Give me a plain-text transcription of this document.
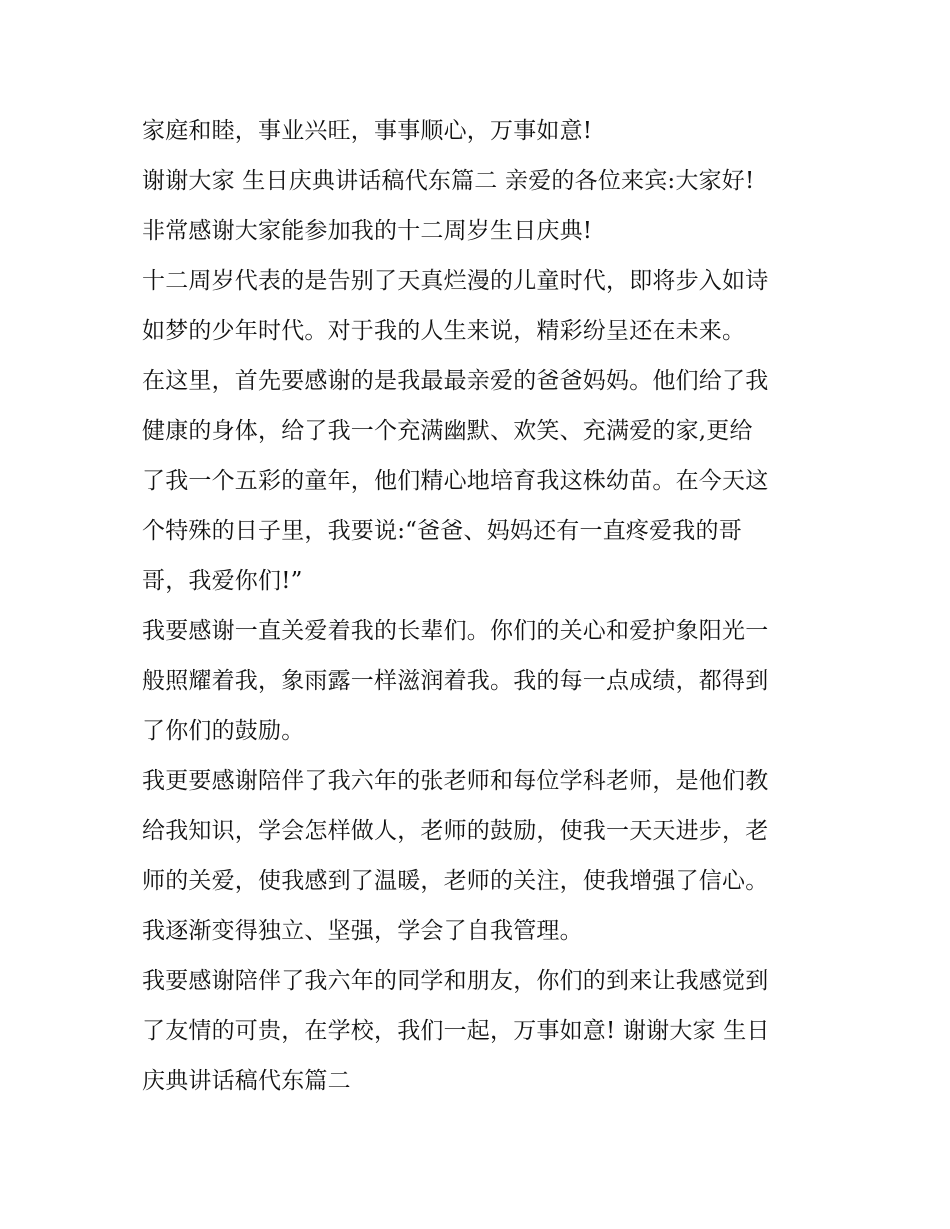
家庭和睦，事业兴旺，事事顺心，万事如意!
谢谢大家 生日庆典讲话稿代东篇二 亲爱的各位来宾:大家好!
非常感谢大家能参加我的十二周岁生日庆典!
十二周岁代表的是告别了天真烂漫的儿童时代，即将步入如诗
如梦的少年时代。对于我的人生来说，精彩纷呈还在未来。
在这里，首先要感谢的是我最最亲爱的爸爸妈妈。他们给了我
健康的身体，给了我一个充满幽默、欢笑、充满爱的家,更给
了我一个五彩的童年，他们精心地培育我这株幼苗。在今天这
个特殊的日子里，我要说:“爸爸、妈妈还有一直疼爱我的哥
哥，我爱你们!”
我要感谢一直关爱着我的长辈们。你们的关心和爱护象阳光一
般照耀着我，象雨露一样滋润着我。我的每一点成绩，都得到
了你们的鼓励。
我更要感谢陪伴了我六年的张老师和每位学科老师，是他们教
给我知识，学会怎样做人，老师的鼓励，使我一天天进步，老
师的关爱，使我感到了温暖，老师的关注，使我增强了信心。
我逐渐变得独立、坚强，学会了自我管理。
我要感谢陪伴了我六年的同学和朋友，你们的到来让我感觉到
了友情的可贵，在学校，我们一起，万事如意! 谢谢大家 生日
庆典讲话稿代东篇二
